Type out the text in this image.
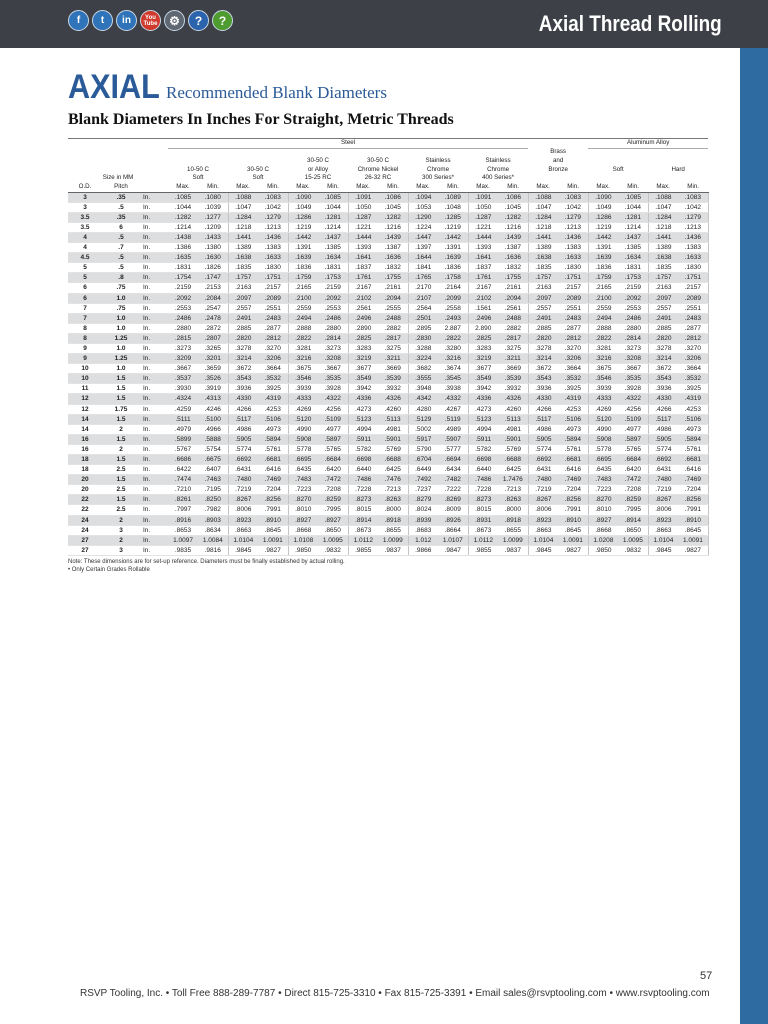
f	t	in	You
Tube ⚙	?	?	Axial Thread Rolling
AXIAL Recommended Blank Diameters
Blank Diameters In Inches For Straight, Metric Threads
			Steel														Aluminum Alloy			
															Brass					
							30-50 C		30-50 C		Stainless		Stainless		and					
			10-50 C		30-50 C		or Alloy		Chrome Nickel		Chrome		Chrome		Bronze		Soft		Hard	
Size in MM			Soft		Soft		15-25 RC		26-32 RC		300 Series*		400 Series*							
O.D.	Pitch		Max.	Min.	Max.	Min.	Max.	Min.	Max.	Min.	Max.	Min.	Max.	Min.	Max.	Min.	Max.	Min.	Max.	Min.
3	.35	In.	.1085	.1080	.1088	.1083	.1090	.1085	.1091	.1086	.1094	.1089	.1091	.1086	.1088	.1083	.1090	.1085	.1088	.1083
3	.5	In.	.1044	.1039	.1047	.1042	.1049	.1044	.1050	.1045	.1053	.1048	.1050	.1045	.1047	.1042	.1049	.1044	.1047	.1042
3.5	.35	In.	.1282	.1277	.1284	.1279	.1286	.1281	.1287	.1282	.1290	.1285	.1287	.1282	.1284	.1279	.1286	.1281	.1284	.1279
3.5	6	In.	.1214	.1209	.1218	.1213	.1219	.1214	.1221	.1216	.1224	.1219	.1221	.1216	.1218	.1213	.1219	.1214	.1218	.1213
4	.5	In.	.1438	.1433	.1441	.1436	.1442	.1437	.1444	.1439	.1447	.1442	.1444	.1439	.1441	.1436	.1442	.1437	.1441	.1436
4	.7	In.	.1386	.1380	.1389	.1383	.1391	.1385	.1393	.1387	.1397	.1391	.1393	.1387	.1389	.1383	.1391	.1385	.1389	.1383
4.5	.5	In.	.1635	.1630	.1638	.1633	.1639	.1634	.1641	.1636	.1644	.1639	.1641	.1636	.1638	.1633	.1639	.1634	.1638	.1633
5	.5	In.	.1831	.1826	.1835	.1830	.1836	.1831	.1837	.1832	.1841	.1836	.1837	.1832	.1835	.1830	.1836	.1831	.1835	.1830
5	.8	In.	.1754	.1747	.1757	.1751	.1759	.1753	.1761	.1755	.1765	.1758	.1761	.1755	.1757	.1751	.1759	.1753	.1757	.1751
6	.75	In.	.2159	.2153	.2163	.2157	.2165	.2159	.2167	.2161	.2170	.2164	.2167	.2161	.2163	.2157	.2165	.2159	.2163	.2157
6	1.0	In.	.2092	.2084	.2097	.2089	.2100	.2092	.2102	.2094	.2107	.2099	.2102	.2094	.2097	.2089	.2100	.2092	.2097	.2089
7	.75	In.	.2553	.2547	.2557	.2551	.2559	.2553	.2561	.2555	.2564	.2558	.1561	.2561	.2557	.2551	.2559	.2553	.2557	.2551
7	1.0	In.	.2486	.2478	.2491	.2483	.2494	.2486	.2496	.2488	.2501	.2493	.2496	.2488	.2491	.2483	.2494	.2486	.2491	.2483
8	1.0	In.	.2880	.2872	.2885	.2877	.2888	.2880	.2890	.2882	.2895	2.887	2.890	.2882	.2885	.2877	.2888	.2880	.2885	.2877
8	1.25	In.	.2815	.2807	.2820	.2812	.2822	.2814	.2825	.2817	.2830	.2822	.2825	.2817	.2820	.2812	.2822	.2814	.2820	.2812
9	1.0	In.	.3273	.3265	.3278	.3270	.3281	.3273	.3283	.3275	.3288	.3280	.3283	.3275	.3278	.3270	.3281	.3273	.3278	.3270
9	1.25	In.	.3209	.3201	.3214	.3206	.3216	.3208	.3219	.3211	.3224	.3216	.3219	.3211	.3214	.3206	.3216	.3208	.3214	.3206
10	1.0	In.	.3667	.3659	.3672	.3664	.3675	.3667	.3677	.3669	.3682	.3674	.3677	.3669	.3672	.3664	.3675	.3667	.3672	.3664
10	1.5	In.	.3537	.3526	.3543	.3532	.3546	.3535	.3549	.3539	.3555	.3545	.3549	.3539	.3543	.3532	.3546	.3535	.3543	.3532
11	1.5	In.	.3930	.3919	.3936	.3925	.3939	.3928	.3942	.3932	.3948	.3938	.3942	.3932	.3936	.3925	.3939	.3928	.3936	.3925
12	1.5	In.	.4324	.4313	.4330	.4319	.4333	.4322	.4336	.4326	.4342	.4332	.4336	.4326	.4330	.4319	.4333	.4322	.4330	.4319
12	1.75	In.	.4259	.4246	.4266	.4253	.4269	.4256	.4273	.4260	.4280	.4267	.4273	.4260	.4266	.4253	.4269	.4256	.4266	.4253
14	1.5	In.	.5111	.5100	.5117	.5106	.5120	.5109	.5123	.5113	.5129	.5119	.5123	.5113	.5117	.5106	.5120	.5109	.5117	.5106
14	2	In.	.4979	.4966	.4986	.4973	.4990	.4977	.4994	.4981	.5002	.4989	.4994	.4981	.4986	.4973	.4990	.4977	.4986	.4973
16	1.5	In.	.5899	.5888	.5905	.5894	.5908	.5897	.5911	.5901	.5917	.5907	.5911	.5901	.5905	.5894	.5908	.5897	.5905	.5894
16	2	In.	.5767	.5754	.5774	.5761	.5778	.5765	.5782	.5769	.5790	.5777	.5782	.5769	.5774	.5761	.5778	.5765	.5774	.5761
18	1.5	In.	.6686	.6675	.6692	.6681	.6695	.6684	.6698	.6688	.6704	.6694	.6698	.6688	.6692	.6681	.6695	.6684	.6692	.6681
18	2.5	In.	.6422	.6407	.6431	.6416	.6435	.6420	.6440	.6425	.6449	.6434	.6440	.6425	.6431	.6416	.6435	.6420	.6431	.6416
20	1.5	In.	.7474	.7463	.7480	.7469	.7483	.7472	.7486	.7476	.7492	.7482	.7486	1.7476	.7480	.7469	.7483	.7472	.7480	.7469
20	2.5	In.	.7210	.7195	.7219	.7204	.7223	.7208	.7228	.7213	.7237	.7222	.7228	.7213	.7219	.7204	.7223	.7208	.7219	.7204
22	1.5	In.	.8261	.8250	.8267	.8256	.8270	.8259	.8273	.8263	.8279	.8269	.8273	.8263	.8267	.8256	.8270	.8259	.8267	.8256
22	2.5	In.	.7997	.7982	.8006	.7991	.8010	.7995	.8015	.8000	.8024	.8009	.8015	.8000	.8006	.7991	.8010	.7995	.8006	.7991
24	2	In.	.8916	.8903	.8923	.8910	.8927	.8927	.8914	.8918	.8939	.8926	.8931	.8918	.8923	.8910	.8927	.8914	.8923	.8910
24	3	In.	.8653	.8634	.8663	.8645	.8668	.8650	.8673	.8655	.8683	.8664	.8673	.8655	.8663	.8645	.8668	.8650	.8663	.8645
27	2	In.	1.0097	1.0084	1.0104	1.0091	1.0108	1.0095	1.0112	1.0099	1.012	1.0107	1.0112	1.0099	1.0104	1.0091	1.0208	1.0095	1.0104	1.0091
27	3	In.	.9835	.9816	.9845	.9827	.9850	.9832	.9855	.9837	.9866	.9847	.9855	.9837	.9845	.9827	.9850	.9832	.9845	.9827
Note: These dimensions are for set-up reference. Diameters must be finally established by actual rolling.
• Only Certain Grades Rollable
57
RSVP Tooling, Inc. • Toll Free 888-289-7787 • Direct 815-725-3310 • Fax 815-725-3391 • Email sales@rsvptooling.com • www.rsvptooling.com
